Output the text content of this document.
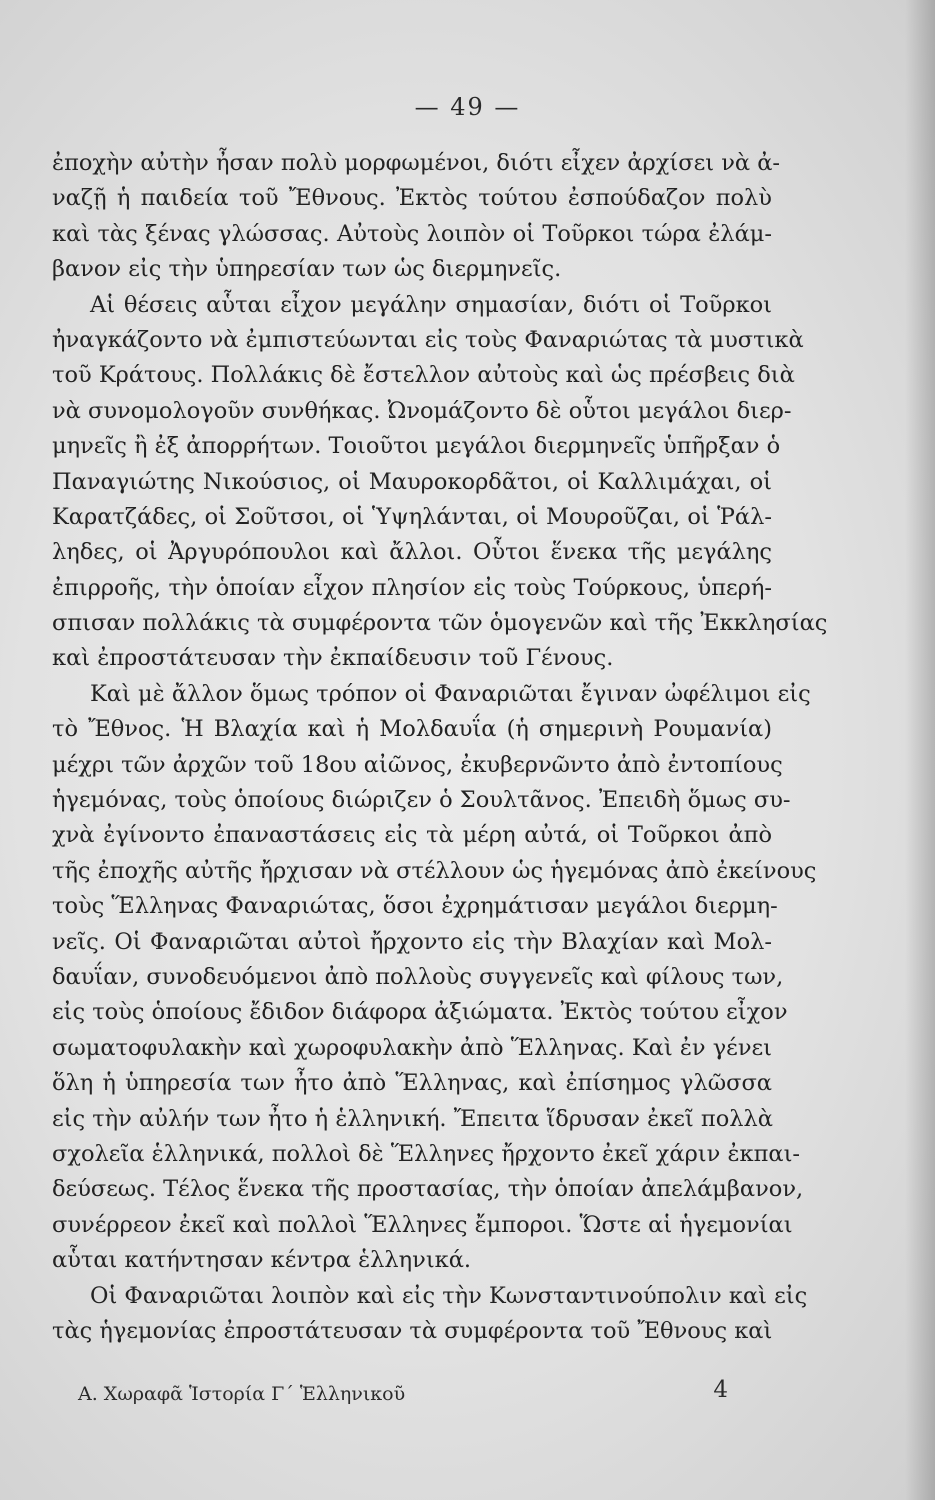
— 49 —
ἐποχὴν αὐτὴν ἦσαν πολὺ μορφωμένοι, διότι εἶχεν ἀρχίσει νὰ ἀ-
ναζῇ ἡ παιδεία τοῦ Ἔθνους. Ἐκτὸς τούτου ἐσπούδαζον πολὺ
καὶ τὰς ξένας γλώσσας. Αὐτοὺς λοιπὸν οἱ Τοῦρκοι τώρα ἐλάμ-
βανον εἰς τὴν ὑπηρεσίαν των ὡς διερμηνεῖς.
Αἱ θέσεις αὗται εἶχον μεγάλην σημασίαν, διότι οἱ Τοῦρκοι
ἠναγκάζοντο νὰ ἐμπιστεύωνται εἰς τοὺς Φαναριώτας τὰ μυστικὰ
τοῦ Κράτους. Πολλάκις δὲ ἔστελλον αὐτοὺς καὶ ὡς πρέσβεις διὰ
νὰ συνομολογοῦν συνθήκας. Ὠνομάζοντο δὲ οὗτοι μεγάλοι διερ-
μηνεῖς ἢ ἐξ ἀπορρήτων. Τοιοῦτοι μεγάλοι διερμηνεῖς ὑπῆρξαν ὁ
Παναγιώτης Νικούσιος, οἱ Μαυροκορδᾶτοι, οἱ Καλλιμάχαι, οἱ
Καρατζάδες, οἱ Σοῦτσοι, οἱ Ὑψηλάνται, οἱ Μουροῦζαι, οἱ Ῥάλ-
ληδες, οἱ Ἀργυρόπουλοι καὶ ἄλλοι. Οὗτοι ἕνεκα τῆς μεγάλης
ἐπιρροῆς, τὴν ὁποίαν εἶχον πλησίον εἰς τοὺς Τούρκους, ὑπερή-
σπισαν πολλάκις τὰ συμφέροντα τῶν ὁμογενῶν καὶ τῆς Ἐκκλησίας
καὶ ἐπροστάτευσαν τὴν ἐκπαίδευσιν τοῦ Γένους.
Καὶ μὲ ἄλλον ὅμως τρόπον οἱ Φαναριῶται ἔγιναν ὠφέλιμοι εἰς
τὸ Ἔθνος. Ἡ Βλαχία καὶ ἡ Μολδαυΐα (ἡ σημερινὴ Ρουμανία)
μέχρι τῶν ἀρχῶν τοῦ 18ου αἰῶνος, ἐκυβερνῶντο ἀπὸ ἐντοπίους
ἡγεμόνας, τοὺς ὁποίους διώριζεν ὁ Σουλτᾶνος. Ἐπειδὴ ὅμως συ-
χνὰ ἐγίνοντο ἐπαναστάσεις εἰς τὰ μέρη αὐτά, οἱ Τοῦρκοι ἀπὸ
τῆς ἐποχῆς αὐτῆς ἤρχισαν νὰ στέλλουν ὡς ἡγεμόνας ἀπὸ ἐκείνους
τοὺς Ἕλληνας Φαναριώτας, ὅσοι ἐχρημάτισαν μεγάλοι διερμη-
νεῖς. Οἱ Φαναριῶται αὐτοὶ ἤρχοντο εἰς τὴν Βλαχίαν καὶ Μολ-
δαυΐαν, συνοδευόμενοι ἀπὸ πολλοὺς συγγενεῖς καὶ φίλους των,
εἰς τοὺς ὁποίους ἔδιδον διάφορα ἀξιώματα. Ἐκτὸς τούτου εἶχον
σωματοφυλακὴν καὶ χωροφυλακὴν ἀπὸ Ἕλληνας. Καὶ ἐν γένει
ὅλη ἡ ὑπηρεσία των ἦτο ἀπὸ Ἕλληνας, καὶ ἐπίσημος γλῶσσα
εἰς τὴν αὐλήν των ἦτο ἡ ἑλληνική. Ἔπειτα ἵδρυσαν ἐκεῖ πολλὰ
σχολεῖα ἑλληνικά, πολλοὶ δὲ Ἕλληνες ἤρχοντο ἐκεῖ χάριν ἐκπαι-
δεύσεως. Τέλος ἕνεκα τῆς προστασίας, τὴν ὁποίαν ἀπελάμβανον,
συνέρρεον ἐκεῖ καὶ πολλοὶ Ἕλληνες ἔμποροι. Ὥστε αἱ ἡγεμονίαι
αὗται κατήντησαν κέντρα ἑλληνικά.
Οἱ Φαναριῶται λοιπὸν καὶ εἰς τὴν Κωνσταντινούπολιν καὶ εἰς
τὰς ἡγεμονίας ἐπροστάτευσαν τὰ συμφέροντα τοῦ Ἔθνους καὶ
Α. Χωραφᾶ Ἱστορία Γ΄ Ἑλληνικοῦ	4
